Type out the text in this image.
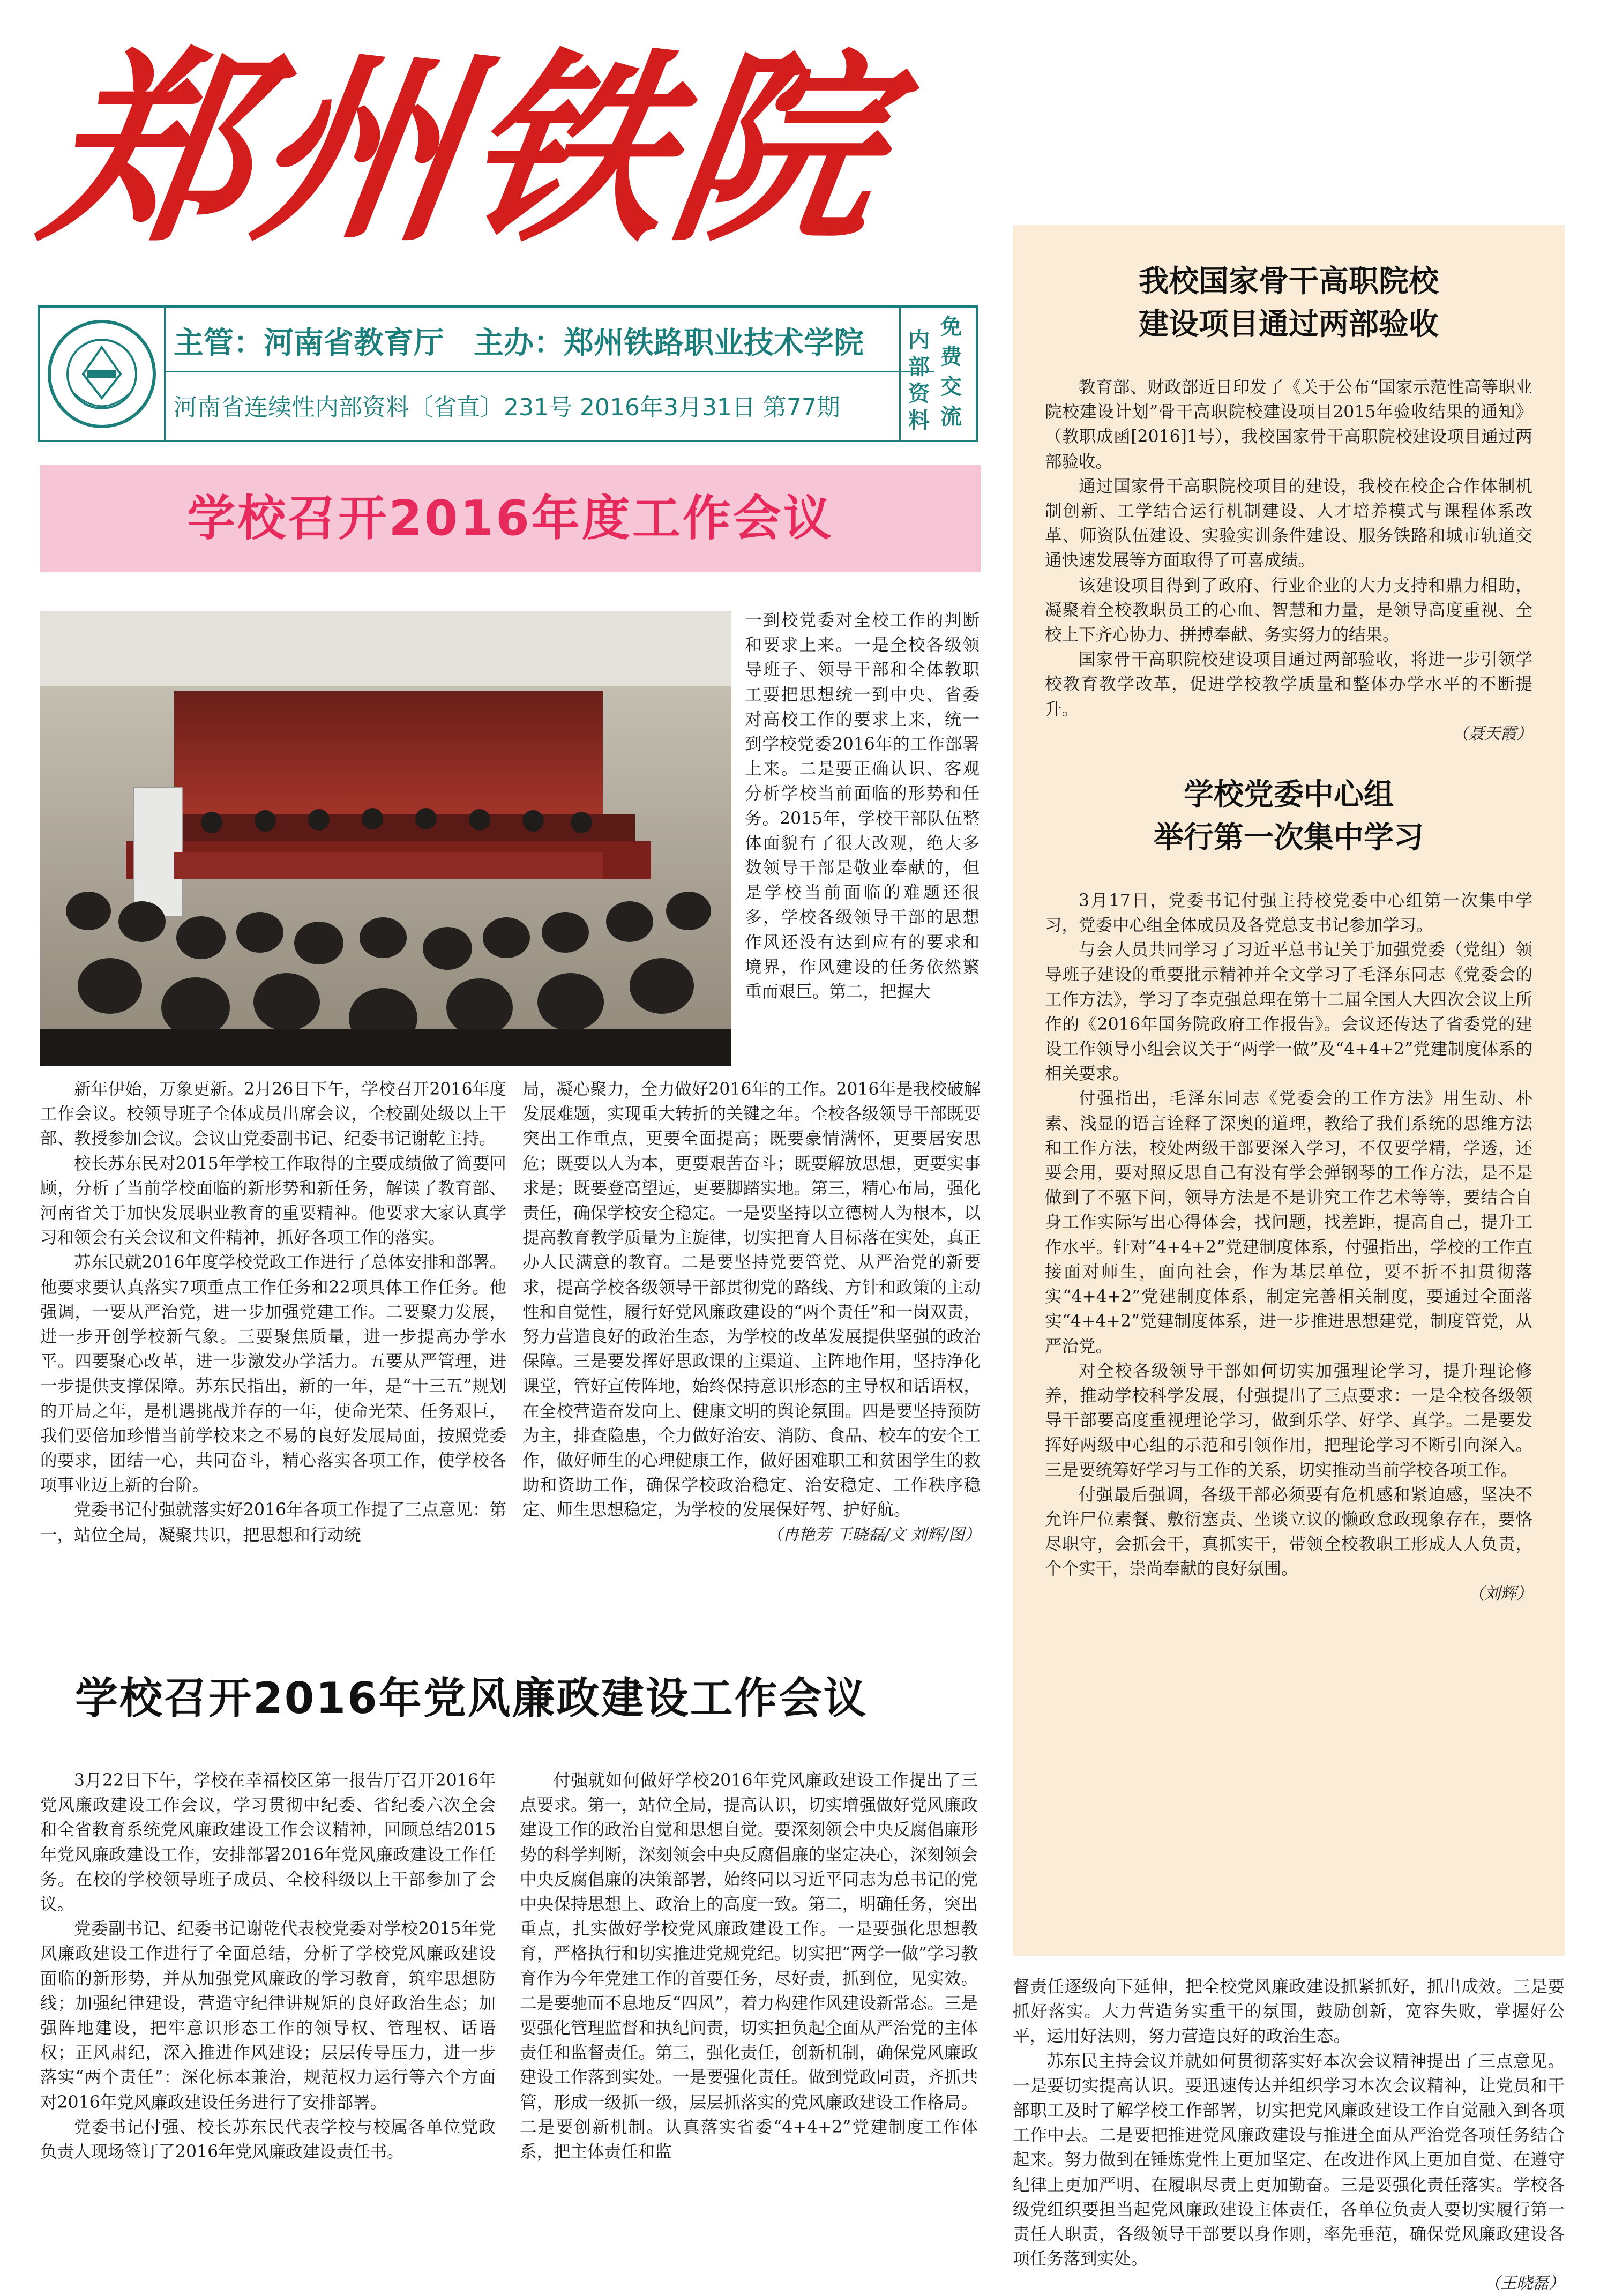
郑州铁院
主管：河南省教育厅　主办：郑州铁路职业技术学院
河南省连续性内部资料〔省直〕231号 2016年3月31日 第77期
内部资料
免费交流
学校召开2016年度工作会议

一到校党委对全校工作的判断和要求上来。一是全校各级领导班子、领导干部和全体教职工要把思想统一到中央、省委对高校工作的要求上来，统一到学校党委2016年的工作部署上来。二是要正确认识、客观分析学校当前面临的形势和任务。2015年，学校干部队伍整体面貌有了很大改观，绝大多数领导干部是敬业奉献的，但是学校当前面临的难题还很多，学校各级领导干部的思想作风还没有达到应有的要求和境界，作风建设的任务依然繁重而艰巨。第二，把握大

新年伊始，万象更新。2月26日下午，学校召开2016年度工作会议。校领导班子全体成员出席会议，全校副处级以上干部、教授参加会议。会议由党委副书记、纪委书记谢乾主持。

校长苏东民对2015年学校工作取得的主要成绩做了简要回顾，分析了当前学校面临的新形势和新任务，解读了教育部、河南省关于加快发展职业教育的重要精神。他要求大家认真学习和领会有关会议和文件精神，抓好各项工作的落实。

苏东民就2016年度学校党政工作进行了总体安排和部署。他要求要认真落实7项重点工作任务和22项具体工作任务。他强调，一要从严治党，进一步加强党建工作。二要聚力发展，进一步开创学校新气象。三要聚焦质量，进一步提高办学水平。四要聚心改革，进一步激发办学活力。五要从严管理，进一步提供支撑保障。苏东民指出，新的一年，是“十三五”规划的开局之年，是机遇挑战并存的一年，使命光荣、任务艰巨，我们要倍加珍惜当前学校来之不易的良好发展局面，按照党委的要求，团结一心，共同奋斗，精心落实各项工作，使学校各项事业迈上新的台阶。

党委书记付强就落实好2016年各项工作提了三点意见：第一，站位全局，凝聚共识，把思想和行动统

局，凝心聚力，全力做好2016年的工作。2016年是我校破解发展难题，实现重大转折的关键之年。全校各级领导干部既要突出工作重点，更要全面提高；既要豪情满怀，更要居安思危；既要以人为本，更要艰苦奋斗；既要解放思想，更要实事求是；既要登高望远，更要脚踏实地。第三，精心布局，强化责任，确保学校安全稳定。一是要坚持以立德树人为根本，以提高教育教学质量为主旋律，切实把育人目标落在实处，真正办人民满意的教育。二是要坚持党要管党、从严治党的新要求，提高学校各级领导干部贯彻党的路线、方针和政策的主动性和自觉性，履行好党风廉政建设的“两个责任”和一岗双责，努力营造良好的政治生态，为学校的改革发展提供坚强的政治保障。三是要发挥好思政课的主渠道、主阵地作用，坚持净化课堂，管好宣传阵地，始终保持意识形态的主导权和话语权，在全校营造奋发向上、健康文明的舆论氛围。四是要坚持预防为主，排查隐患，全力做好治安、消防、食品、校车的安全工作，做好师生的心理健康工作，做好困难职工和贫困学生的救助和资助工作，确保学校政治稳定、治安稳定、工作秩序稳定、师生思想稳定，为学校的发展保好驾、护好航。

（冉艳芳 王晓磊/文 刘辉/图）

我校国家骨干高职院校
建设项目通过两部验收

教育部、财政部近日印发了《关于公布“国家示范性高等职业院校建设计划”骨干高职院校建设项目2015年验收结果的通知》（教职成函[2016]1号），我校国家骨干高职院校建设项目通过两部验收。

通过国家骨干高职院校项目的建设，我校在校企合作体制机制创新、工学结合运行机制建设、人才培养模式与课程体系改革、师资队伍建设、实验实训条件建设、服务铁路和城市轨道交通快速发展等方面取得了可喜成绩。

该建设项目得到了政府、行业企业的大力支持和鼎力相助，凝聚着全校教职员工的心血、智慧和力量，是领导高度重视、全校上下齐心协力、拼搏奉献、务实努力的结果。

国家骨干高职院校建设项目通过两部验收，将进一步引领学校教育教学改革，促进学校教学质量和整体办学水平的不断提升。

（聂天霞）

学校党委中心组
举行第一次集中学习

3月17日，党委书记付强主持校党委中心组第一次集中学习，党委中心组全体成员及各党总支书记参加学习。

与会人员共同学习了习近平总书记关于加强党委（党组）领导班子建设的重要批示精神并全文学习了毛泽东同志《党委会的工作方法》，学习了李克强总理在第十二届全国人大四次会议上所作的《2016年国务院政府工作报告》。会议还传达了省委党的建设工作领导小组会议关于“两学一做”及“4+4+2”党建制度体系的相关要求。

付强指出，毛泽东同志《党委会的工作方法》用生动、朴素、浅显的语言诠释了深奥的道理，教给了我们系统的思维方法和工作方法，校处两级干部要深入学习，不仅要学精，学透，还要会用，要对照反思自己有没有学会弹钢琴的工作方法，是不是做到了不驱下问，领导方法是不是讲究工作艺术等等，要结合自身工作实际写出心得体会，找问题，找差距，提高自己，提升工作水平。针对“4+4+2”党建制度体系，付强指出，学校的工作直接面对师生，面向社会，作为基层单位，要不折不扣贯彻落实“4+4+2”党建制度体系，制定完善相关制度，要通过全面落实“4+4+2”党建制度体系，进一步推进思想建党，制度管党，从严治党。

对全校各级领导干部如何切实加强理论学习，提升理论修养，推动学校科学发展，付强提出了三点要求：一是全校各级领导干部要高度重视理论学习，做到乐学、好学、真学。二是要发挥好两级中心组的示范和引领作用，把理论学习不断引向深入。三是要统筹好学习与工作的关系，切实推动当前学校各项工作。

付强最后强调，各级干部必须要有危机感和紧迫感，坚决不允许尸位素餐、敷衍塞责、坐谈立议的懒政怠政现象存在，要恪尽职守，会抓会干，真抓实干，带领全校教职工形成人人负责，个个实干，崇尚奉献的良好氛围。

（刘辉）

学校召开2016年党风廉政建设工作会议

3月22日下午，学校在幸福校区第一报告厅召开2016年党风廉政建设工作会议，学习贯彻中纪委、省纪委六次全会和全省教育系统党风廉政建设工作会议精神，回顾总结2015年党风廉政建设工作，安排部署2016年党风廉政建设工作任务。在校的学校领导班子成员、全校科级以上干部参加了会议。

党委副书记、纪委书记谢乾代表校党委对学校2015年党风廉政建设工作进行了全面总结，分析了学校党风廉政建设面临的新形势，并从加强党风廉政的学习教育，筑牢思想防线；加强纪律建设，营造守纪律讲规矩的良好政治生态；加强阵地建设，把牢意识形态工作的领导权、管理权、话语权；正风肃纪，深入推进作风建设；层层传导压力，进一步落实“两个责任”：深化标本兼治，规范权力运行等六个方面对2016年党风廉政建设任务进行了安排部署。

党委书记付强、校长苏东民代表学校与校属各单位党政负责人现场签订了2016年党风廉政建设责任书。

付强就如何做好学校2016年党风廉政建设工作提出了三点要求。第一，站位全局，提高认识，切实增强做好党风廉政建设工作的政治自觉和思想自觉。要深刻领会中央反腐倡廉形势的科学判断，深刻领会中央反腐倡廉的坚定决心，深刻领会中央反腐倡廉的决策部署，始终同以习近平同志为总书记的党中央保持思想上、政治上的高度一致。第二，明确任务，突出重点，扎实做好学校党风廉政建设工作。一是要强化思想教育，严格执行和切实推进党规党纪。切实把“两学一做”学习教育作为今年党建工作的首要任务，尽好责，抓到位，见实效。二是要驰而不息地反“四风”，着力构建作风建设新常态。三是要强化管理监督和执纪问责，切实担负起全面从严治党的主体责任和监督责任。第三，强化责任，创新机制，确保党风廉政建设工作落到实处。一是要强化责任。做到党政同责，齐抓共管，形成一级抓一级，层层抓落实的党风廉政建设工作格局。二是要创新机制。认真落实省委“4+4+2”党建制度工作体系，把主体责任和监

督责任逐级向下延伸，把全校党风廉政建设抓紧抓好，抓出成效。三是要抓好落实。大力营造务实重干的氛围，鼓励创新，宽容失败，掌握好公平，运用好法则，努力营造良好的政治生态。

苏东民主持会议并就如何贯彻落实好本次会议精神提出了三点意见。一是要切实提高认识。要迅速传达并组织学习本次会议精神，让党员和干部职工及时了解学校工作部署，切实把党风廉政建设工作自觉融入到各项工作中去。二是要把推进党风廉政建设与推进全面从严治党各项任务结合起来。努力做到在锤炼党性上更加坚定、在改进作风上更加自觉、在遵守纪律上更加严明、在履职尽责上更加勤奋。三是要强化责任落实。学校各级党组织要担当起党风廉政建设主体责任，各单位负责人要切实履行第一责任人职责，各级领导干部要以身作则，率先垂范，确保党风廉政建设各项任务落到实处。

（王晓磊）
